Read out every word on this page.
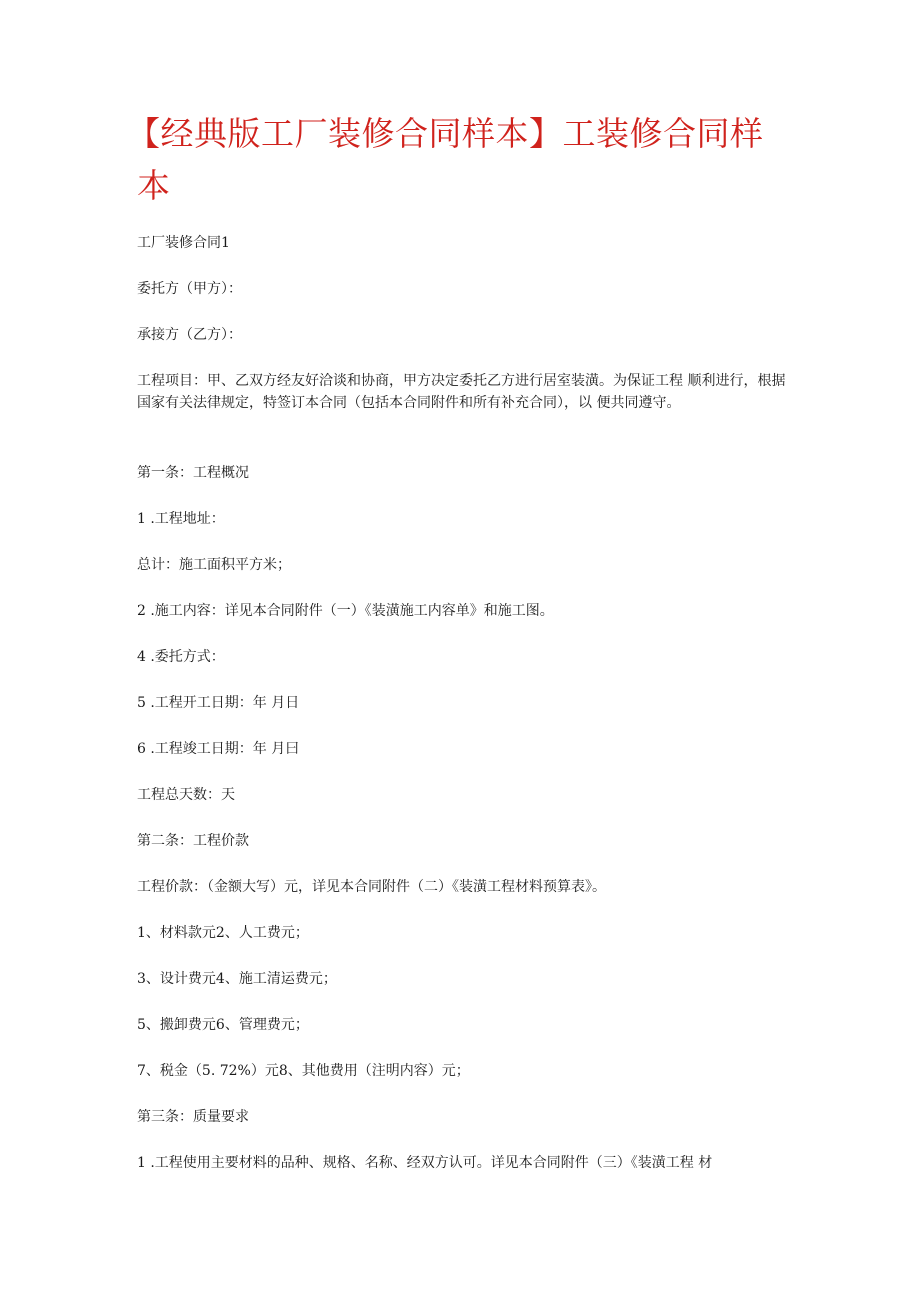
【经典版工厂装修合同样本】工装修合同样本

工厂装修合同1

委托方（甲方）：

承接方（乙方）：

工程项目：甲、乙双方经友好洽谈和协商，甲方决定委托乙方进行居室装潢。为保证工程 顺利进行，根据国家有关法律规定，特签订本合同（包括本合同附件和所有补充合同），以 便共同遵守。

第一条：工程概况

1 .工程地址：

总计：施工面积平方米；

2 .施工内容：详见本合同附件（一）《装潢施工内容单》和施工图。

4 .委托方式：

5 .工程开工日期：年 月日

6 .工程竣工日期：年 月曰

工程总天数：天

第二条：工程价款

工程价款：（金额大写）元，详见本合同附件（二）《装潢工程材料预算表》。

1、材料款元2、人工费元；

3、设计费元4、施工清运费元；

5、搬卸费元6、管理费元；

7、税金（5. 72%）元8、其他费用（注明内容）元；

第三条：质量要求

1 .工程使用主要材料的品种、规格、名称、经双方认可。详见本合同附件（三）《装潢工程 材
